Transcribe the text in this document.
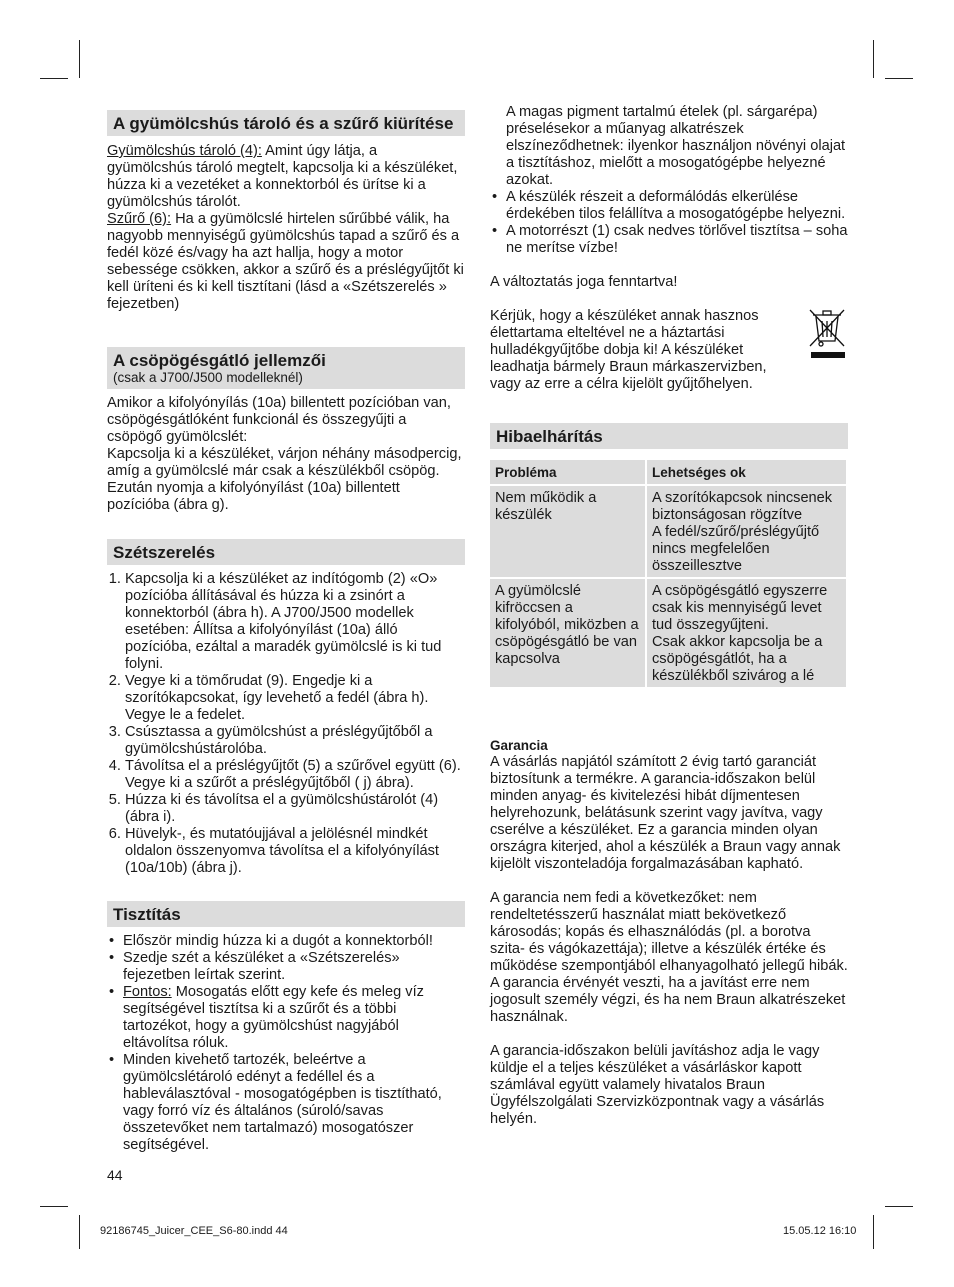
A gyümölcshús tároló és a szűrő kiürítése

Gyümölcshús tároló (4): Amint úgy látja, a gyümölcshús tároló megtelt, kapcsolja ki a készüléket, húzza ki a vezetéket a konnektorból és ürítse ki a gyümölcshús tárolót.

Szűrő (6): Ha a gyümölcslé hirtelen sűrűbbé válik, ha nagyobb mennyiségű gyümölcshús tapad a szűrő és a fedél közé és/vagy ha azt hallja, hogy a motor sebessége csökken, akkor a szűrő és a préslégyűjtőt ki kell üríteni és ki kell tisztítani (lásd a «Szétszerelés » fejezetben)

A csöpögésgátló jellemzői
(csak a J700/J500 modelleknél)

Amikor a kifolyónyílás (10a) billentett pozícióban van, csöpögésgátlóként funkcionál és összegyűjti a csöpögő gyümölcslét:

Kapcsolja ki a készüléket, várjon néhány másodpercig, amíg a gyümölcslé már csak a készülékből csöpög. Ezután nyomja a kifolyónyílást (10a) billentett pozícióba (ábra g).

Szétszerelés
1. Kapcsolja ki a készüléket az indítógomb (2) «O» pozícióba állításával és húzza ki a zsinórt a konnektorból (ábra h). A J700/J500 modellek esetében: Állítsa a kifolyónyílást (10a) álló pozícióba, ezáltal a maradék gyümölcslé is ki tud folyni.
2. Vegye ki a tömőrudat (9). Engedje ki a szorítókapcsokat, így levehető a fedél (ábra h). Vegye le a fedelet.
3. Csúsztassa a gyümölcshúst a préslégyűjtőből a gyümölcshústárolóba.
4. Távolítsa el a préslégyűjtőt (5) a szűrővel együtt (6). Vegye ki a szűrőt a préslégyűjtőből ( j) ábra).
5. Húzza ki és távolítsa el a gyümölcshústárolót (4) (ábra i).
6. Hüvelyk-, és mutatóujjával a jelölésnél mindkét oldalon összenyomva távolítsa el a kifolyónyílást (10a/10b) (ábra j).
Tisztítás
• Először mindig húzza ki a dugót a konnektorból!
• Szedje szét a készüléket a «Szétszerelés» fejezetben leírtak szerint.
• Fontos: Mosogatás előtt egy kefe és meleg víz segítségével tisztítsa ki a szűrőt és a többi tartozékot, hogy a gyümölcshúst nagyjából eltávolítsa róluk.
• Minden kivehető tartozék, beleértve a gyümölcslétároló edényt a fedéllel és a hableválasztóval - mosogatógépben is tisztítható, vagy forró víz és általános (súroló/savas összetevőket nem tartalmazó) mosogatószer segítségével.
44

A magas pigment tartalmú ételek (pl. sárgarépa) préselésekor a műanyag alkatrészek elszíneződhetnek: ilyenkor használjon növényi olajat a tisztításhoz, mielőtt a mosogatógépbe helyezné azokat.

• A készülék részeit a deformálódás elkerülése érdekében tilos felállítva a mosogatógépbe helyezni.
• A motorrészt (1) csak nedves törlővel tisztítsa – soha ne merítse vízbe!

A változtatás joga fenntartva!

Kérjük, hogy a készüléket annak hasznos élettartama elteltével ne a háztartási hulladékgyűjtőbe dobja ki! A készüléket leadhatja bármely Braun márkaszervizben, vagy az erre a célra kijelölt gyűjtőhelyen.

Hibaelhárítás
Probléma	Lehetséges ok
Nem működik a készülék	A szorítókapcsok nincsenek biztonságosan rögzítve
A fedél/szűrő/préslégyűjtő nincs megfelelően összeillesztve
A gyümölcslé kifröccsen a kifolyóból, miközben a csöpögésgátló be van kapcsolva	A csöpögésgátló egyszerre csak kis mennyiségű levet tud összegyűjteni.
Csak akkor kapcsolja be a csöpögésgátlót, ha a készülékből szivárog a lé

Garancia

A vásárlás napjától számított 2 évig tartó garanciát biztosítunk a termékre. A garancia-időszakon belül minden anyag- és kivitelezési hibát díjmentesen helyrehozunk, belátásunk szerint vagy javítva, vagy cserélve a készüléket. Ez a garancia minden olyan országra kiterjed, ahol a készülék a Braun vagy annak kijelölt viszonteladója forgalmazásában kapható.

A garancia nem fedi a következőket: nem rendeltetésszerű használat miatt bekövetkező károsodás; kopás és elhasználódás (pl. a borotva szita- és vágókazettája); illetve a készülék értéke és működése szempontjából elhanyagolható jellegű hibák. A garancia érvényét veszti, ha a javítást erre nem jogosult személy végzi, és ha nem Braun alkatrészeket használnak.

A garancia-időszakon belüli javításhoz adja le vagy küldje el a teljes készüléket a vásárláskor kapott számlával együtt valamely hivatalos Braun Ügyfélszolgálati Szervizközpontnak vagy a vásárlás helyén.

92186745_Juicer_CEE_S6-80.indd 44	15.05.12 16:10
